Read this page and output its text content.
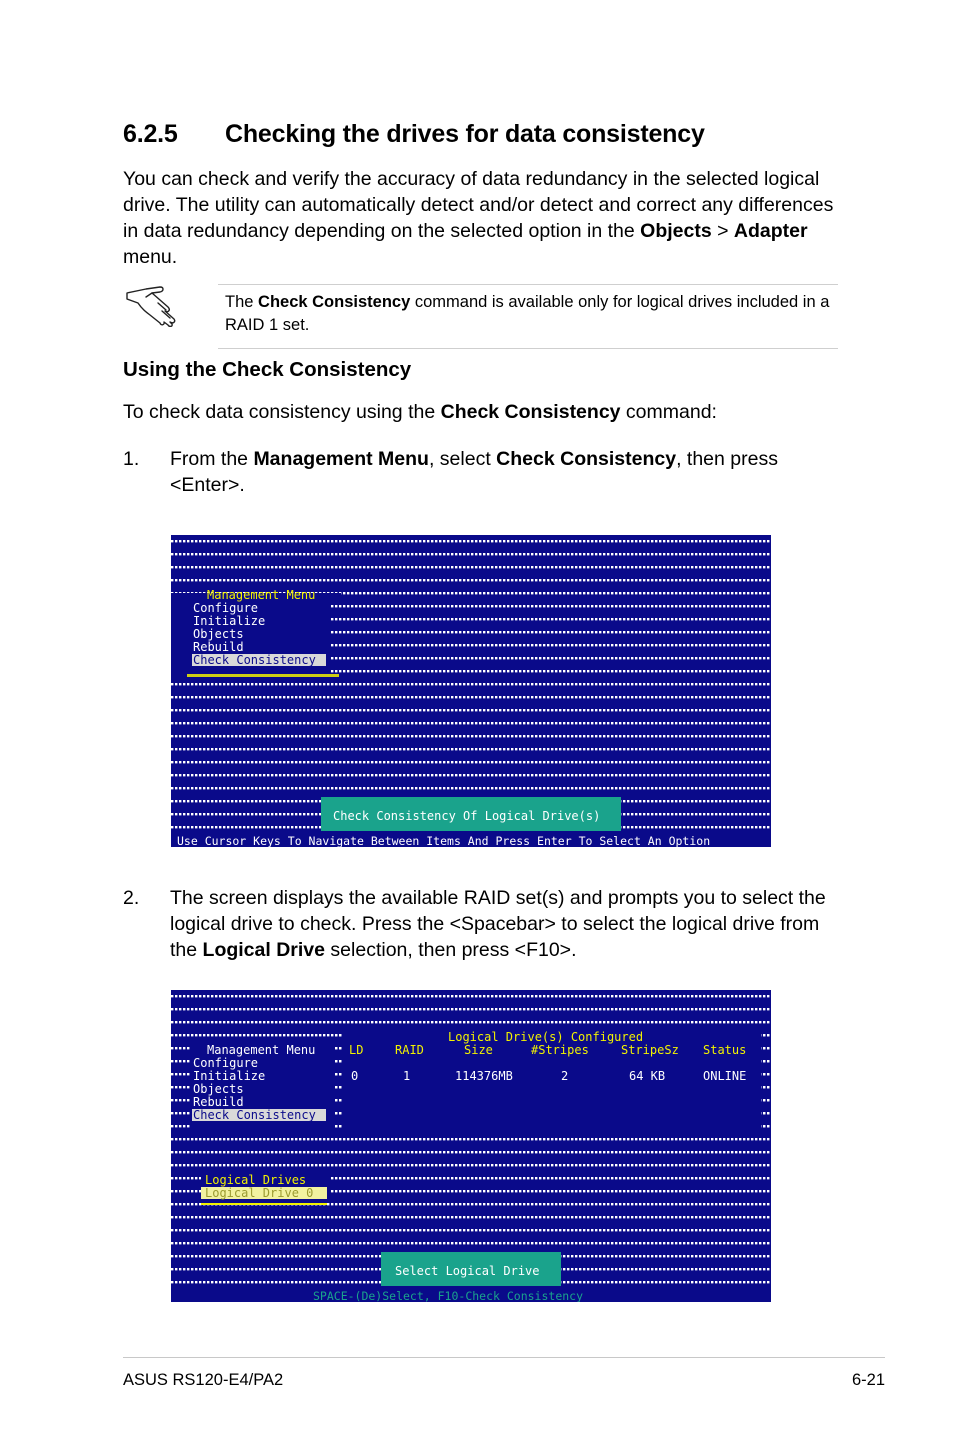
6.2.5 Checking the drives for data consistency

You can check and verify the accuracy of data redundancy in the selected logical drive. The utility can automatically detect and/or detect and correct any differences in data redundancy depending on the selected option in the Objects > Adapter menu.

The Check Consistency command is available only for logical drives included in a RAID 1 set.

Using the Check Consistency

To check data consistency using the Check Consistency command:

1.	From the Management Menu, select Check Consistency, then press <Enter>.
Management Menu
Configure
Initialize
Objects
Rebuild
Check Consistency
Check Consistency Of Logical Drive(s)
Use Cursor Keys To Navigate Between Items And Press Enter To Select An Option
2.	The screen displays the available RAID set(s) and prompts you to select the logical drive to check. Press the <Spacebar> to select the logical drive from the Logical Drive selection, then press <F10>.
Logical Drive(s) Configured
LD	RAID	Size	#Stripes	StripeSz Status
0	1	114376MB	2	64 KB	ONLINE
Management Menu
Configure
Initialize
Objects
Rebuild
Check Consistency
Logical Drives
Logical Drive 0
Select Logical Drive
SPACE-(De)Select, F10-Check Consistency
ASUS RS120-E4/PA2	6-21
